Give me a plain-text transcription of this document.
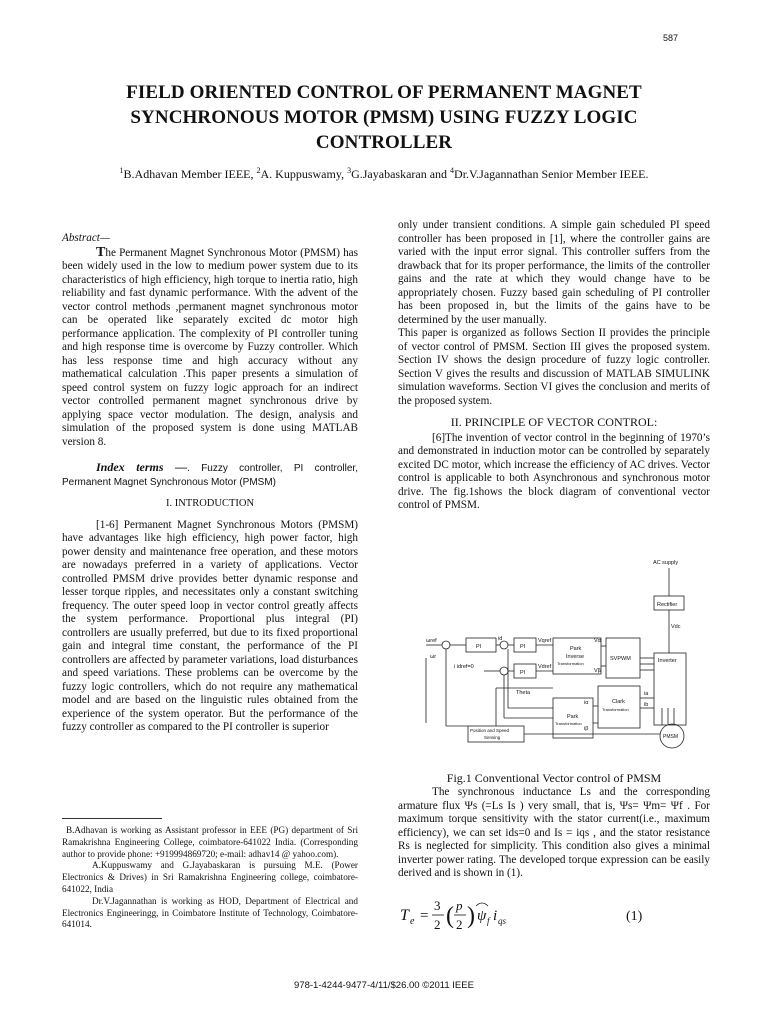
587
FIELD ORIENTED CONTROL OF PERMANENT MAGNET SYNCHRONOUS MOTOR (PMSM) USING FUZZY LOGIC CONTROLLER
$^1$B.Adhavan Member IEEE, $^2$A. Kuppuswamy, $^3$G.Jayabaskaran and $^4$Dr.V.Jagannathan Senior Member IEEE.

Abstract—

The Permanent Magnet Synchronous Motor (PMSM) has been widely used in the low to medium power system due to its characteristics of high efficiency, high torque to inertia ratio, high reliability and fast dynamic performance. With the advent of the vector control methods ,permanent magnet synchronous motor can be operated like separately excited dc motor high performance application. The complexity of PI controller tuning and high response time is overcome by Fuzzy controller. Which has less response time and high accuracy without any mathematical calculation .This paper presents a simulation of speed control system on fuzzy logic approach for an indirect vector controlled permanent magnet synchronous drive by applying space vector modulation. The design, analysis and simulation of the proposed system is done using MATLAB version 8.

Index terms —. Fuzzy controller, PI controller, Permanent Magnet Synchronous Motor (PMSM)

I. INTRODUCTION

[1-6] Permanent Magnet Synchronous Motors (PMSM) have advantages like high efficiency, high power factor, high power density and maintenance free operation, and these motors are nowadays preferred in a variety of applications. Vector controlled PMSM drive provides better dynamic response and lesser torque ripples, and necessitates only a constant switching frequency. The outer speed loop in vector control greatly affects the system performance. Proportional plus integral (PI) controllers are usually preferred, but due to its fixed proportional gain and integral time constant, the performance of the PI controllers are affected by parameter variations, load disturbances and speed variations. These problems can be overcome by the fuzzy logic controllers, which do not require any mathematical model and are based on the linguistic rules obtained from the experience of the system operator. But the performance of the fuzzy controller as compared to the PI controller is superior

B.Adhavan is working as Assistant professor in EEE (PG) department of Sri Ramakrishna Engineering College, coimbatore-641022 India. (Corresponding author to provide phone: +919994869720; e-mail: adhav14 @ yahoo.com).

A.Kuppuswamy and G.Jayabaskaran is pursuing M.E. (Power Electronics & Drives) in Sri Ramakrishna Engineering college, coimbatore-641022, India

Dr.V.Jagannathan is working as HOD, Department of Electrical and Electronics Engineeringg, in Coimbatore Institute of Technology, Coimbatore-641014.

only under transient conditions. A simple gain scheduled PI speed controller has been proposed in [1], where the controller gains are varied with the input error signal. This controller suffers from the drawback that for its proper performance, the limits of the controller gains and the rate at which they would change have to be appropriately chosen. Fuzzy based gain scheduling of PI controller has been proposed in, but the limits of the gains have to be determined by the user manually.

This paper is organized as follows Section II provides the principle of vector control of PMSM. Section III gives the proposed system. Section IV shows the design procedure of fuzzy logic controller. Section V gives the results and discussion of MATLAB SIMULINK simulation waveforms. Section VI gives the conclusion and merits of the proposed system.

II. PRINCIPLE OF VECTOR CONTROL:

[6]The invention of vector control in the beginning of 1970’s and demonstrated in induction motor can be controlled by separately excited DC motor, which increase the efficiency of AC drives. Vector control is applicable to both Asynchronous and synchronous motor drive. The fig.1shows the block diagram of conventional vector control of PMSM.

AC supply
Rectifier
Vdc
PI	PI
PI
Park
Inverse
Transformation
SVPWM	Inverter
Clark
Transformation
Park
Transformation
Position and Speed
Sensing	PMSM
Theta
ωref
ωr
id
i idref=0
Vqref
Vdref
Vα
Vβ
iα
iβ
ia
ib
Fig.1 Conventional Vector control of PMSM

The synchronous inductance Ls and the corresponding armature flux Ψs (=Ls Is ) very small, that is, Ψs= Ψm= Ψf . For maximum torque sensitivity with the stator current(i.e., maximum efficiency), we can set ids=0 and Is = iqs , and the stator resistance Rs is neglected for simplicity. This condition also gives a minimal inverter power rating. The developed torque expression can be easily derived and is shown in (1).

T e =
3
2 ( p
2 ) ψ f i qs	(1)
978-1-4244-9477-4/11/$26.00 ©2011 IEEE
